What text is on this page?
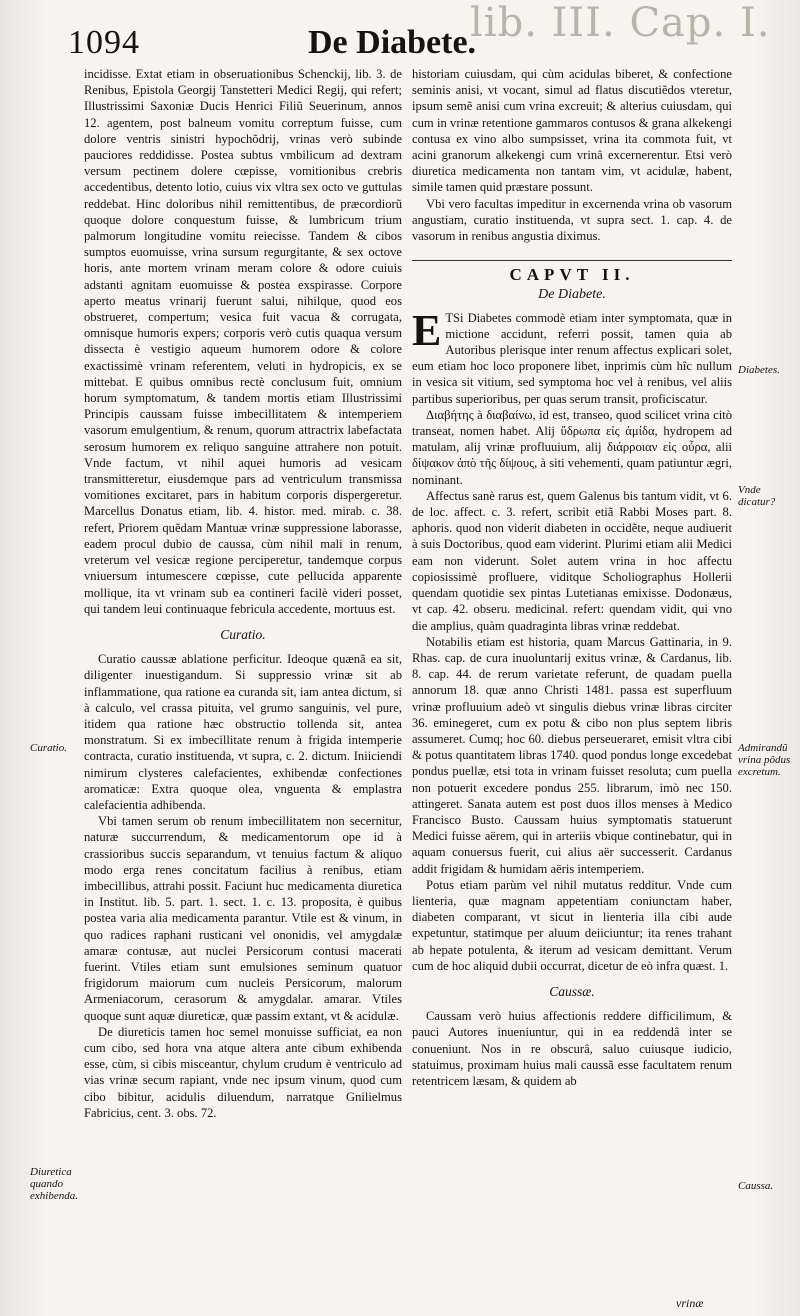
lib. III. Cap. I.
1094	De Diabete.
Curatio.
Diuretica quando exhibenda.
Diabetes.
Vnde dicatur?
Admirandũ vrina pôdus excretum.
Caussa.

incidisse. Extat etiam in obseruationibus Schenckij, lib. 3. de Renibus, Epistola Georgij Tanstetteri Medici Regij, qui refert; Illustrissimi Saxoniæ Ducis Henrici Filiũ Seuerinum, annos 12. agentem, post balneum vomitu correptum fuisse, cum dolore ventris sinistri hypochõdrij, vrinas verò subinde pauciores reddidisse. Postea subtus vmbilicum ad dextram versum pectinem dolere cœpisse, vomitionibus crebris accedentibus, detento lotio, cuius vix vltra sex octo ve guttulas reddebat. Hinc doloribus nihil remittentibus, de præcordiorũ quoque dolore conquestum fuisse, & lumbricum trium palmorum longitudine vomitu reiecisse. Tandem & cibos sumptos euomuisse, vrina sursum regurgitante, & sex octove horis, ante mortem vrinam meram colore & odore cuiuis adstanti agnitam euomuisse & postea exspirasse. Corpore aperto meatus vrinarij fuerunt salui, nihilque, quod eos obstrueret, compertum; vesica fuit vacua & corrugata, omnisque humoris expers; corporis verò cutis quaqua versum dissecta è vestigio aqueum humorem odore & colore exactissimè vrinam referentem, veluti in hydropicis, ex se mittebat. E quibus omnibus rectè conclusum fuit, omnium horum symptomatum, & tandem mortis etiam Illustrissimi Principis caussam fuisse imbecillitatem & intemperiem vasorum emulgentium, & renum, quorum attractrix labefactata serosum humorem ex reliquo sanguine attrahere non potuit. Vnde factum, vt nihil aquei humoris ad vesicam transmitteretur, eiusdemque pars ad ventriculum transmissa vomitiones excitaret, pars in habitum corporis dispergeretur. Marcellus Donatus etiam, lib. 4. histor. med. mirab. c. 38. refert, Priorem quẽdam Mantuæ vrinæ suppressione laborasse, eadem procul dubio de caussa, cùm nihil mali in renum, vreterum vel vesicæ regione perciperetur, tandemque corpus vniuersum intumescere cœpisse, cute pellucida apparente mollique, ita vt vrinam sub ea contineri facilè videri posset, qui tandem leui continuaque febricula accedente, mortuus est.

Curatio.

Curatio caussæ ablatione perficitur. Ideoque quænã ea sit, diligenter inuestigandum. Si suppressio vrinæ sit ab inflammatione, qua ratione ea curanda sit, iam antea dictum, si à calculo, vel crassa pituita, vel grumo sanguinis, vel pure, itidem qua ratione hæc obstructio tollenda sit, antea monstratum. Si ex imbecillitate renum à frigida intemperie contracta, curatio instituenda, vt supra, c. 2. dictum. Iniiciendi nimirum clysteres calefacientes, exhibendæ confectiones aromaticæ: Extra quoque olea, vnguenta & emplastra calefacientia adhibenda.

Vbi tamen serum ob renum imbecillitatem non secernitur, naturæ succurrendum, & medicamentorum ope id à crassioribus succis separandum, vt tenuius factum & aliquo modo erga renes concitatum facilius à renibus, etiam imbecillibus, attrahi possit. Faciunt huc medicamenta diuretica in Institut. lib. 5. part. 1. sect. 1. c. 13. proposita, è quibus postea varia alia medicamenta parantur. Vtile est & vinum, in quo radices raphani rusticani vel ononidis, vel amygdalæ amaræ contusæ, aut nuclei Persicorum contusi macerati fuerint. Vtiles etiam sunt emulsiones seminum quatuor frigidorum maiorum cum nucleis Persicorum, malorum Armeniacorum, cerasorum & amygdalar. amarar. Vtiles quoque sunt aquæ diureticæ, quæ passim extant, vt & acidulæ.

De diureticis tamen hoc semel monuisse sufficiat, ea non cum cibo, sed hora vna atque altera ante cibum exhibenda esse, cùm, si cibis misceantur, chylum crudum è ventriculo ad vias vrinæ secum rapiant, vnde nec ipsum vinum, quod cum cibo bibitur, acidulis diluendum, narratque Gnilielmus Fabricius, cent. 3. obs. 72.

historiam cuiusdam, qui cùm acidulas biberet, & confectione seminis anisi, vt vocant, simul ad flatus discutiẽdos vteretur, ipsum semẽ anisi cum vrina excreuit; & alterius cuiusdam, qui cum in vrinæ retentione gammaros contusos & grana alkekengi contusa ex vino albo sumpsisset, vrina ita commota fuit, vt acini granorum alkekengi cum vrinâ excernerentur. Etsi verò diuretica medicamenta non tantam vim, vt acidulæ, habent, simile tamen quid præstare possunt.

Vbi vero facultas impeditur in excernenda vrina ob vasorum angustiam, curatio instituenda, vt supra sect. 1. cap. 4. de vasorum in renibus angustia diximus.

CAPVT II.
De Diabete.

E TSi Diabetes commodè etiam inter symptomata, quæ in mictione accidunt, referri possit, tamen quia ab Autoribus plerisque inter renum affectus explicari solet, eum etiam hoc loco proponere libet, inprimis cùm hîc nullum in vesica sit vitium, sed symptoma hoc vel à renibus, vel aliis partibus superioribus, per quas serum transit, proficiscatur.

Διαβήτης à διαβαίνω, id est, transeo, quod scilicet vrina citò transeat, nomen habet. Alij ὕδρωπα εἰς ἀμίδα, hydropem ad matulam, alij vrinæ profluuium, alij διάρροιαν εἰς οὖρα, alii δίψακον ἀπὸ τῆς δίψους, à siti vehementi, quam patiuntur ægri, nominant.

Affectus sanè rarus est, quem Galenus bis tantum vidit, vt 6. de loc. affect. c. 3. refert, scribit etiã Rabbi Moses part. 8. aphoris. quod non viderit diabeten in occidẽte, neque audiuerit à suis Doctoribus, quod eam viderint. Plurimi etiam alii Medici eam non viderunt. Solet autem vrina in hoc affectu copiosissimè profluere, viditque Scholiographus Hollerii quendam quotidie sex pintas Lutetianas emixisse. Dodonæus, vt cap. 42. obseru. medicinal. refert: quendam vidit, qui vno die amplius, quàm quadraginta libras vrinæ reddebat.

Notabilis etiam est historia, quam Marcus Gattinaria, in 9. Rhas. cap. de cura inuoluntarij exitus vrinæ, & Cardanus, lib. 8. cap. 44. de rerum varietate referunt, de quadam puella annorum 18. quæ anno Christi 1481. passa est superfluum vrinæ profluuium adeò vt singulis diebus vrinæ libras circiter 36. eminegeret, cum ex potu & cibo non plus septem libris assumeret. Cumq; hoc 60. diebus perseueraret, emisit vltra cibi & potus quantitatem libras 1740. quod pondus longe excedebat pondus puellæ, etsi tota in vrinam fuisset resoluta; cum puella non potuerit excedere pondus 255. librarum, imò nec 150. attingeret. Sanata autem est post duos illos menses à Medico Francisco Busto. Caussam huius symptomatis statuerunt Medici fuisse aërem, qui in arteriis vbique continebatur, qui in aquam conuersus fuerit, cui alius aër successerit. Cardanus addit frigidam & humidam aëris intemperiem.

Potus etiam parùm vel nihil mutatus redditur. Vnde cum lienteria, quæ magnam appetentiam coniunctam haber, diabeten comparant, vt sicut in lienteria illa cibi aude expetuntur, statimque per aluum deiiciuntur; ita renes trahant ab hepate potulenta, & iterum ad vesicam demittant. Verum cum de hoc aliquid dubii occurrat, dicetur de eò infra quæst. 1.

Caussæ.

Caussam verò huius affectionis reddere difficilimum, & pauci Autores inueniuntur, qui in ea reddendâ inter se conueniunt. Nos in re obscurâ, saluo cuiusque iudicio, statuimus, proximam huius mali caussã esse facultatem renum retentricem læsam, & quidem ab

vrinæ
